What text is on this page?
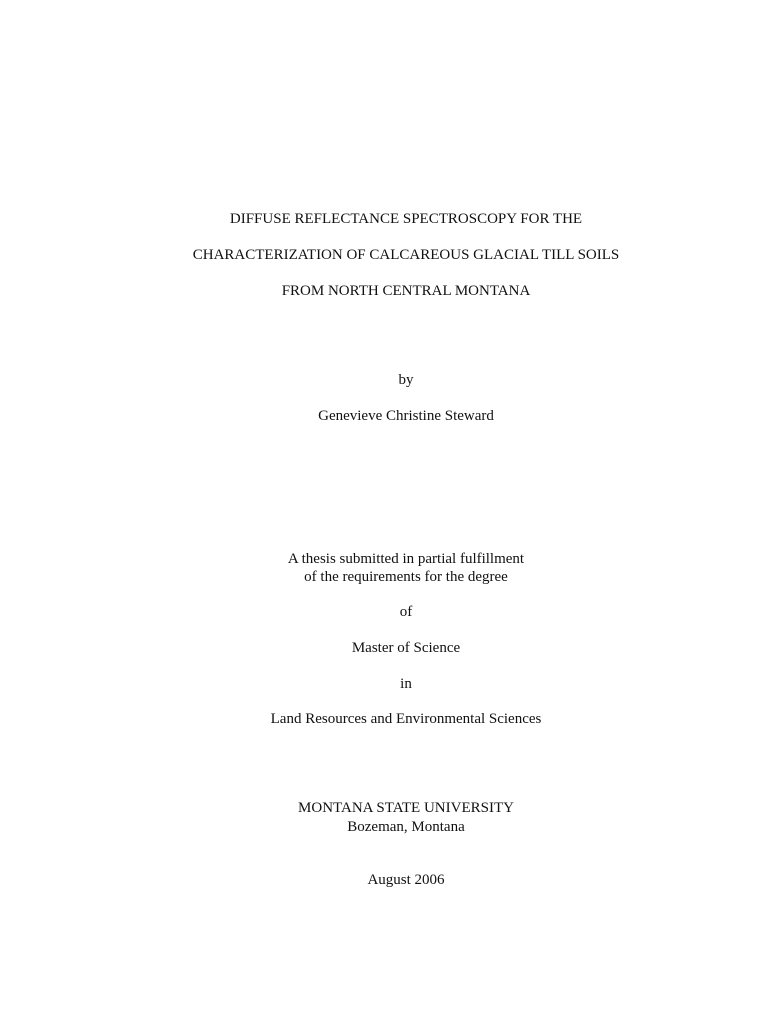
DIFFUSE REFLECTANCE SPECTROSCOPY FOR THE
CHARACTERIZATION OF CALCAREOUS GLACIAL TILL SOILS
FROM NORTH CENTRAL MONTANA
by
Genevieve Christine Steward
A thesis submitted in partial fulfillment
of the requirements for the degree
of
Master of Science
in
Land Resources and Environmental Sciences
MONTANA STATE UNIVERSITY
Bozeman, Montana
August 2006
